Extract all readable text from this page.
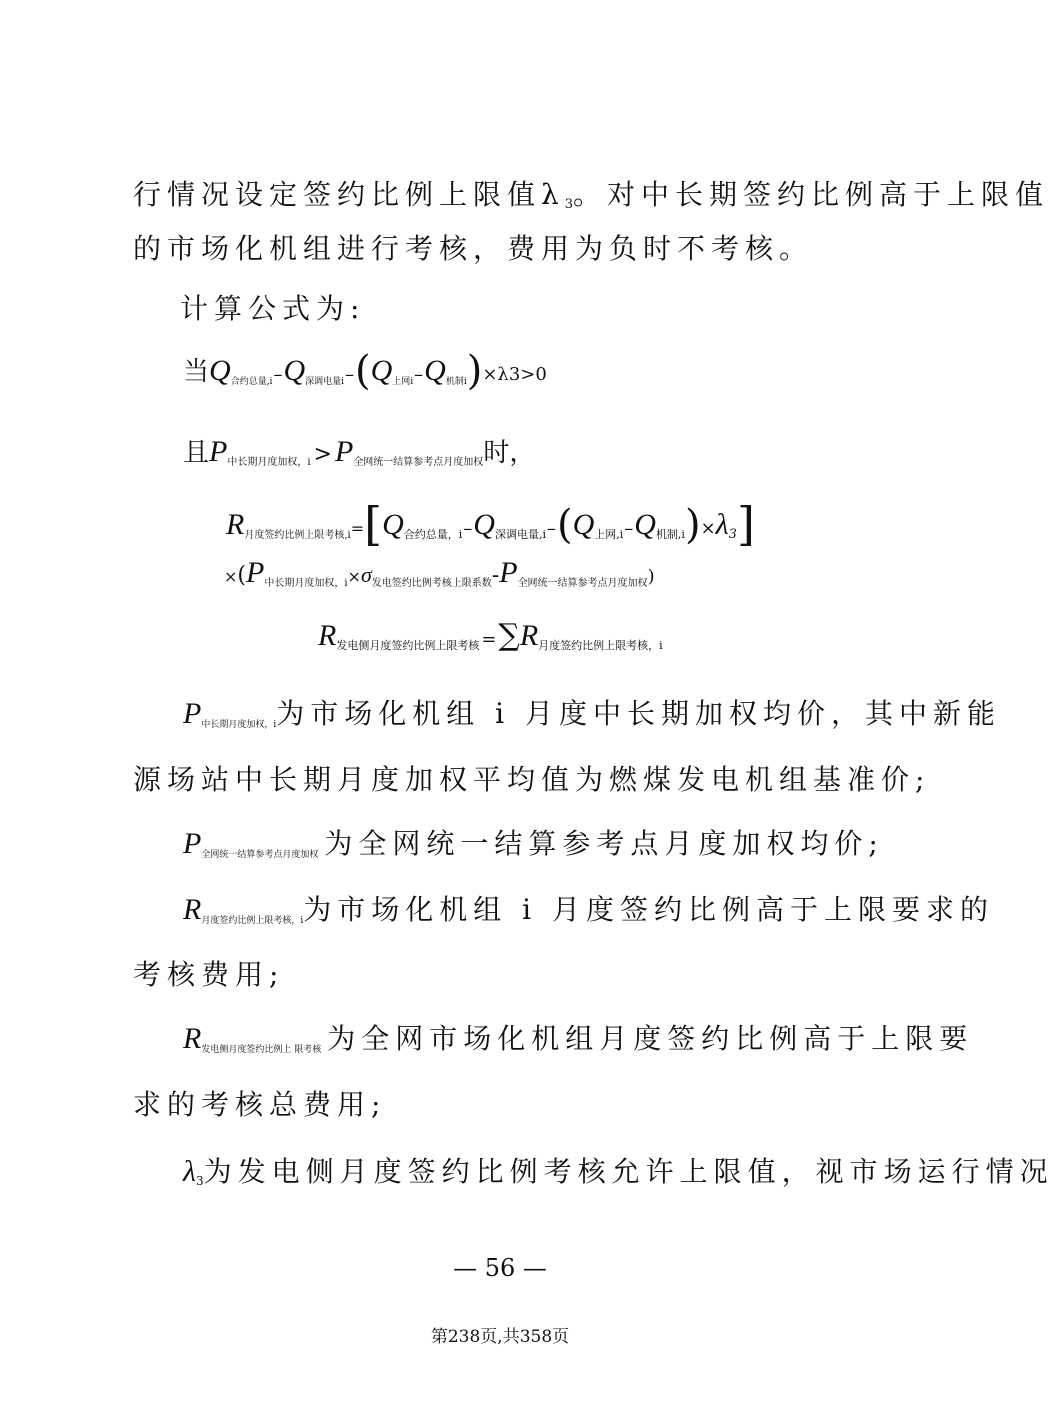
行情况设定签约比例上限值$\lambda_3$。对中长期签约比例高于上限值
的市场化机组进行考核，费用为负时不考核。
计算公式为:
当Q合约总量,i–Q深调电量i–(Q上网i–Q机制i)×λ3>0
且P中长期月度加权，i > P全网统一结算参考点月度加权时，
$R_{月度签约比例上限考核,i}=[Q_{合约总量,i}-Q_{深调电量,i}-(Q_{上网,i}-Q_{机制,i})\times\lambda_3]$
$\times(P_{中长期月度加权,i}\times\sigma_{发电签约比例考核上限系数}-P_{全网统一结算参考点月度加权})$
$R_{发电侧月度签约比例上限考核} =\sum R_{月度签约比例上限考核,i}$
P中长期月度加权，i为市场化机组 i 月度中长期加权均价，其中新能
源场站中长期月度加权平均值为燃煤发电机组基准价;
P全网统一结算参考点月度加权 为全网统一结算参考点月度加权均价;
R月度签约比例上限考核，i为市场化机组 i 月度签约比例高于上限要求的
考核费用;
R发电侧月度签约比例上 限考核 为全网市场化机组月度签约比例高于上限要
求的考核总费用;
$\lambda_3$为发电侧月度签约比例考核允许上限值，视市场运行情况
— 56 —
第238页,共358页
